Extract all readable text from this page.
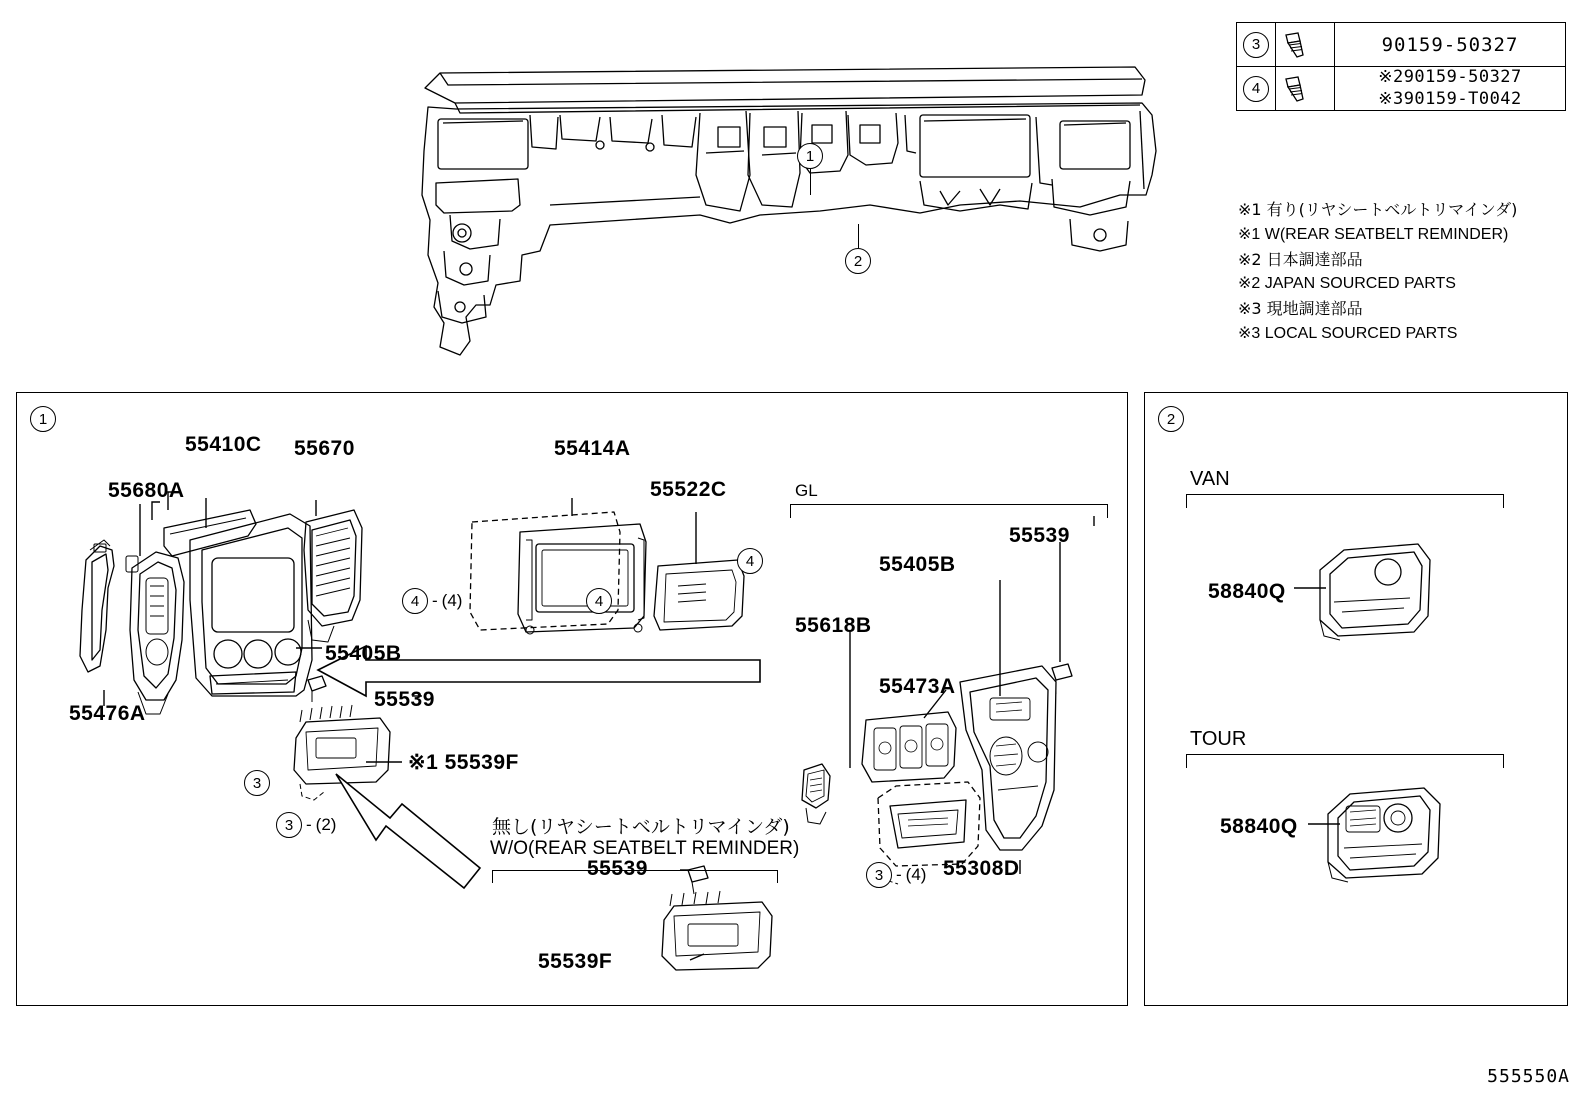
3		90159-50327

4		※290159-50327
※390159-T0042
※1 有り(リヤシートベルトリマインダ)
※1 W(REAR SEATBELT REMINDER)
※2 日本調達部品
※2 JAPAN SOURCED PARTS
※3 現地調達部品
※3 LOCAL SOURCED PARTS
1
2
1	2
55680A
55410C 55670	55414A
55522C
55405B
55476A
55539
※1 55539F
55539
55539F
GL
55539
55405B
55618B
55473A
55308D
無し(リヤシートベルトリマインダ)
W/O(REAR SEATBELT REMINDER)
3
3 - (2)
4 - (4)	4
4
3 - (4)
VAN
TOUR
58840Q
58840Q
555550A
